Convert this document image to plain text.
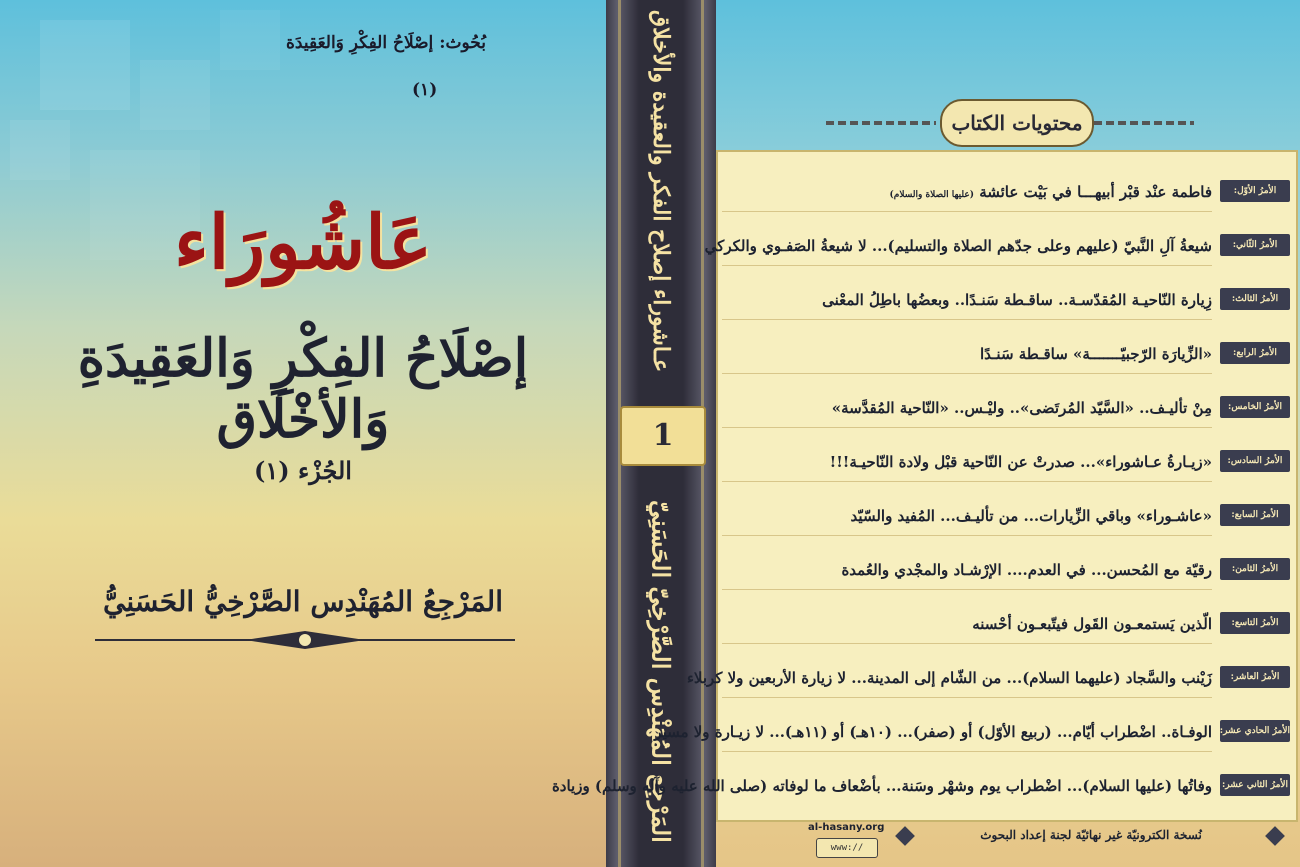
بُحُوث: إصْلَاحُ الفِكْرِ وَالعَقِيدَة
(١)
عَاشُورَاء
إصْلَاحُ الفِكْرِ وَالعَقِيدَةِ وَالأخْلَاق
الجُزْء (١)
المَرْجِعُ المُهَنْدِس الصَّرْخِيُّ الحَسَنِيُّ
عـاشوراء إصلاح الفكر والعقيدة والأخلاق
1
المَرْجِع المُهَنْدِس الصَّرْخِيّ الحَسَنِيّ
محتويات الكتاب
الأمرُ الأوّل:
فاطمة عنْد قبْر أبيهـــا في بَيْت عائشة (عليها الصلاة والسلام)
الأمرُ الثّاني:
شيعةُ آلِ النَّبيّ (عليهم وعلى جدّهم الصلاة والتسليم)... لا شيعةُ الصَفـوي والكركي
الأمرُ الثالث:
زِيارة النّاحيـة المُقدّسـة.. ساقـطة سَنـدًا.. وبعضُها باطِلُ المعْنى
الأمرُ الرابع:
«الزِّيارَة الرّجبيّـــــــة» ساقـطة سَنـدًا
الأمرُ الخامس:
مِنْ تأليـف.. «السَّيّد المُرتَضى».. وليْـس.. «النّاحية المُقدَّسة»
الأمرُ السادس:
«زيـارةُ عـاشوراء»... صدرتْ عن النّاحية قبْل ولادة النّاحيـة!!!
الأمرُ السابع:
«عاشـوراء» وباقي الزِّيارات... من تأليـف... المُفيد والسّيّد
الأمرُ الثامن:
رقيّة مع المُحسن... في العدم.... الإرْشـاد والمجْدي والعُمدة
الأمرُ التاسع:
الّذين يَستمعـون القَول فيتّبعـون أحْسنه
الأمرُ العاشر:
زَيْنب والسَّجاد (عليهما السلام)... من الشّام إلى المدينة... لا زيارة الأربعين ولا كربلاء
الأمرُ الحادي عشر:
الوفـاة.. اضْطراب أيّام... (ربيع الأوّل) أو (صفر)... (١٠هـ) أو (١١هـ)... لا زيـارة ولا مسير
الأمرُ الثاني عشر:
وفاتُها (عليها السلام)... اضْطراب يوم وشهْر وسَنة... بأضْعاف ما لوفاته (صلى الله عليه وآله وسلم) وزيادة
al-hasany.org
www://
نُسخة الكترونيّة غير نهائيّة لجنة إعداد البحوث
